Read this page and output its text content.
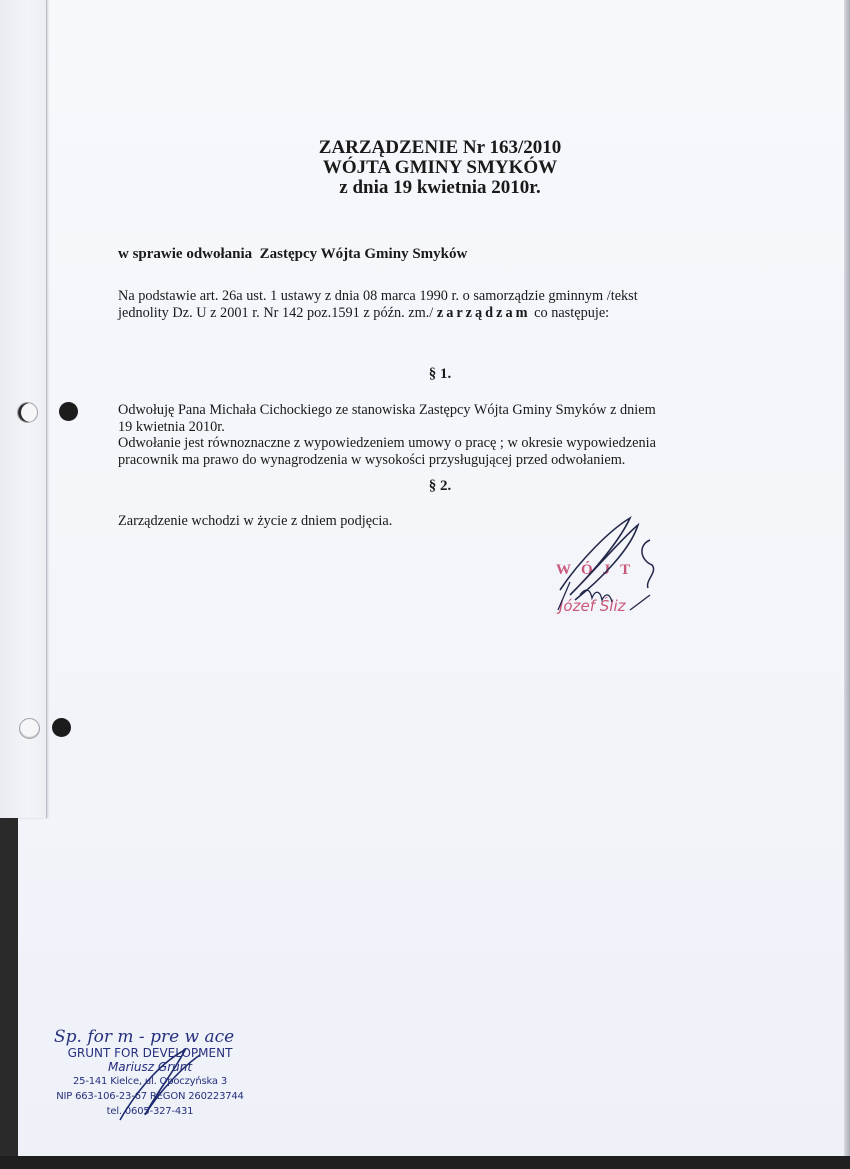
ZARZĄDZENIE Nr 163/2010
WÓJTA GMINY SMYKÓW
z dnia 19 kwietnia 2010r.
w sprawie odwołania  Zastępcy Wójta Gminy Smyków
Na podstawie art. 26a ust. 1 ustawy z dnia 08 marca 1990 r. o samorządzie gminnym /tekst
jednolity Dz. U z 2001 r. Nr 142 poz.1591 z późn. zm./ zarządzam co następuje:
§ 1.
Odwołuję Pana Michała Cichockiego ze stanowiska Zastępcy Wójta Gminy Smyków z dniem
19 kwietnia 2010r.
Odwołanie jest równoznaczne z wypowiedzeniem umowy o pracę ; w okresie wypowiedzenia
pracownik ma prawo do wynagrodzenia w wysokości przysługującej przed odwołaniem.
§ 2.
Zarządzenie wchodzi w życie z dniem podjęcia.
WÓJT
Józef Śliz
Sp. for m - pre w ace
GRUNT FOR DEVELOPMENT
Mariusz Grunt
25-141 Kielce, ul. Opoczyńska 3
NIP 663-106-23-67 REGON 260223744
tel. 0605-327-431
